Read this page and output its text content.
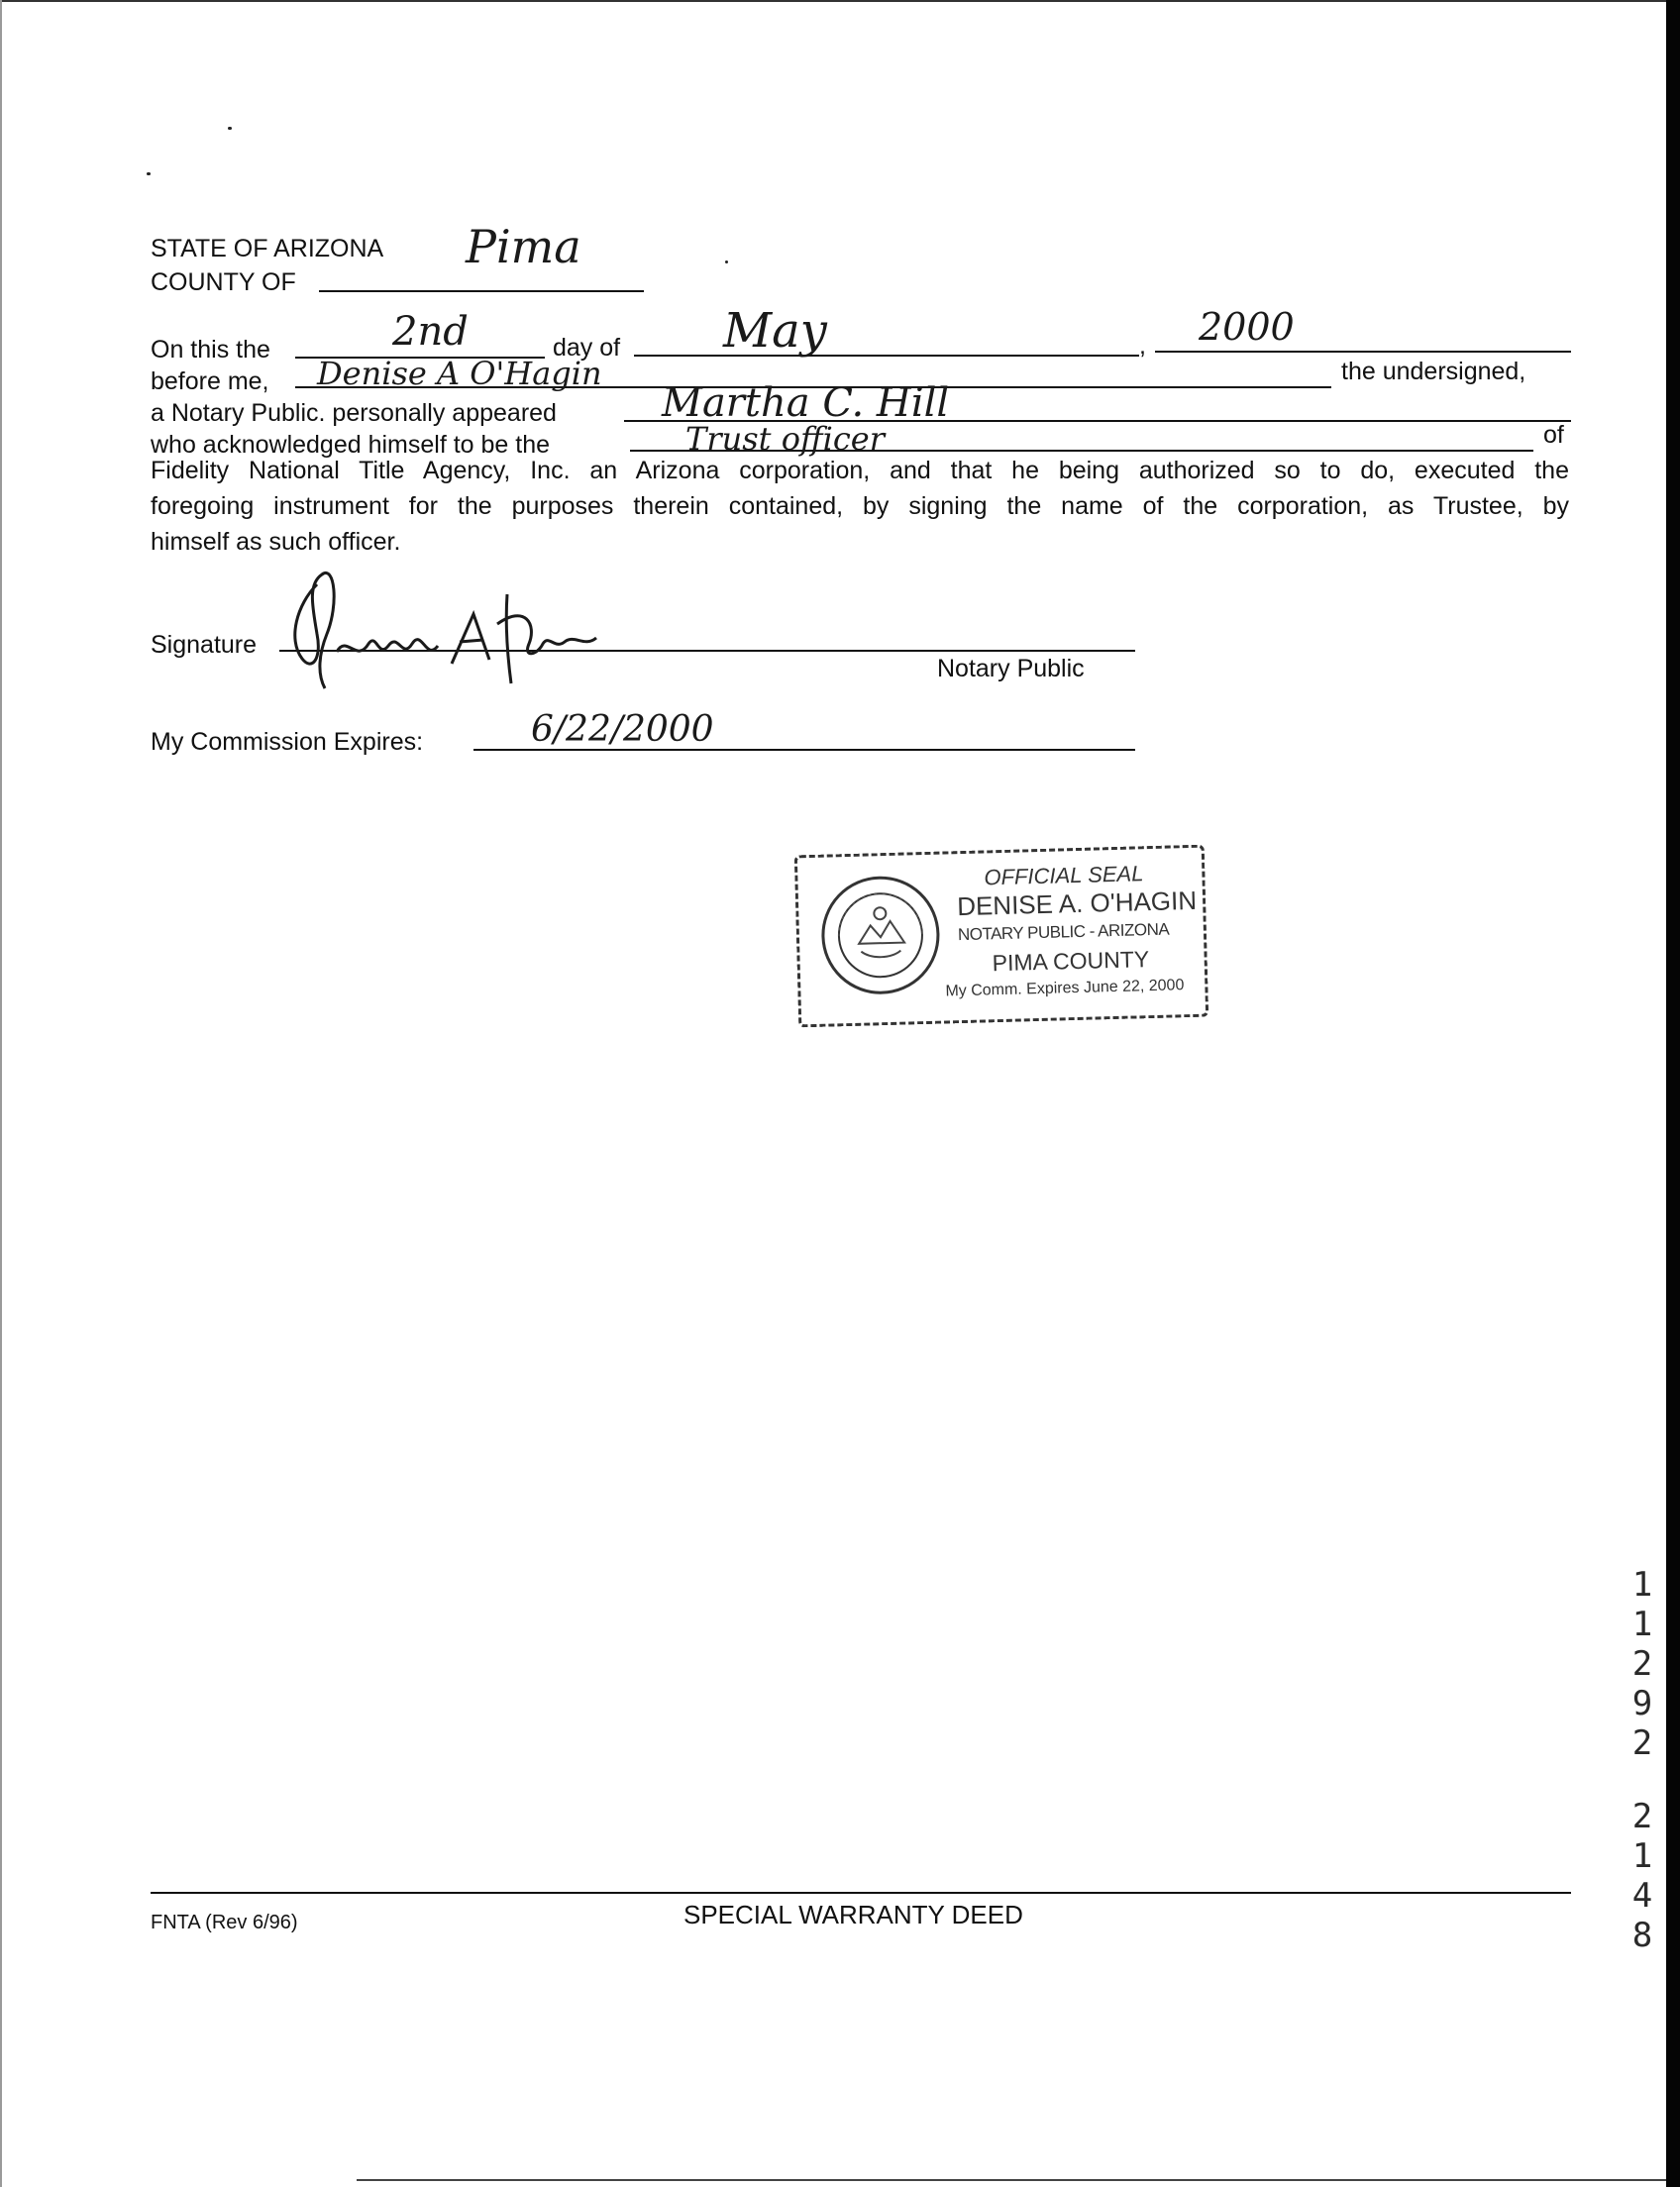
STATE OF ARIZONA
COUNTY OF
Pima
On this the	2nd	day of May	, 2000
before me, Denise A O'Hagin	the undersigned,
a Notary Public. personally appeared	Martha C. Hill
who acknowledged himself to be the	Trust officer	of
Fidelity National Title Agency, Inc. an Arizona corporation, and that he being authorized so to do, executed the
foregoing instrument for the purposes therein contained, by signing the name of the corporation, as Trustee, by
himself as such officer.
Signature
Notary Public
My Commission Expires:	6/22/2000
OFFICIAL SEAL
DENISE A. O'HAGIN
NOTARY PUBLIC - ARIZONA
PIMA COUNTY
My Comm. Expires June 22, 2000
1
1
2
9
2
2
1
4
8
FNTA (Rev 6/96)	SPECIAL WARRANTY DEED
